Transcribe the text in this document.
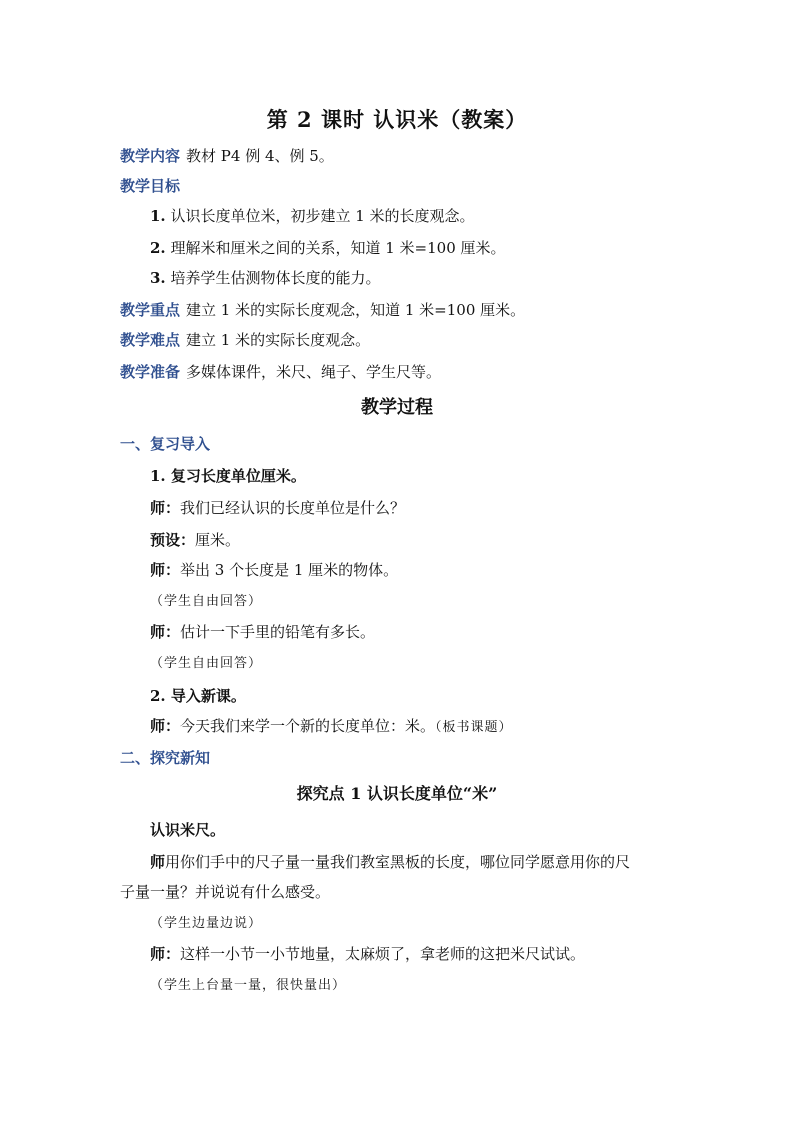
第 2 课时 认识米（教案）
教学内容 教材 P4 例 4、例 5。
教学目标
1. 认识长度单位米，初步建立 1 米的长度观念。
2. 理解米和厘米之间的关系，知道 1 米=100 厘米。
3. 培养学生估测物体长度的能力。
教学重点 建立 1 米的实际长度观念，知道 1 米=100 厘米。
教学难点 建立 1 米的实际长度观念。
教学准备 多媒体课件，米尺、绳子、学生尺等。
教学过程
一、复习导入
1. 复习长度单位厘米。
师：我们已经认识的长度单位是什么？
预设：厘米。
师：举出 3 个长度是 1 厘米的物体。
（学生自由回答）
师：估计一下手里的铅笔有多长。
（学生自由回答）
2. 导入新课。
师：今天我们来学一个新的长度单位：米。（板书课题）
二、探究新知
探究点 1 认识长度单位“米”
认识米尺。
师用你们手中的尺子量一量我们教室黑板的长度，哪位同学愿意用你的尺
子量一量？并说说有什么感受。
（学生边量边说）
师：这样一小节一小节地量，太麻烦了，拿老师的这把米尺试试。
（学生上台量一量，很快量出）
